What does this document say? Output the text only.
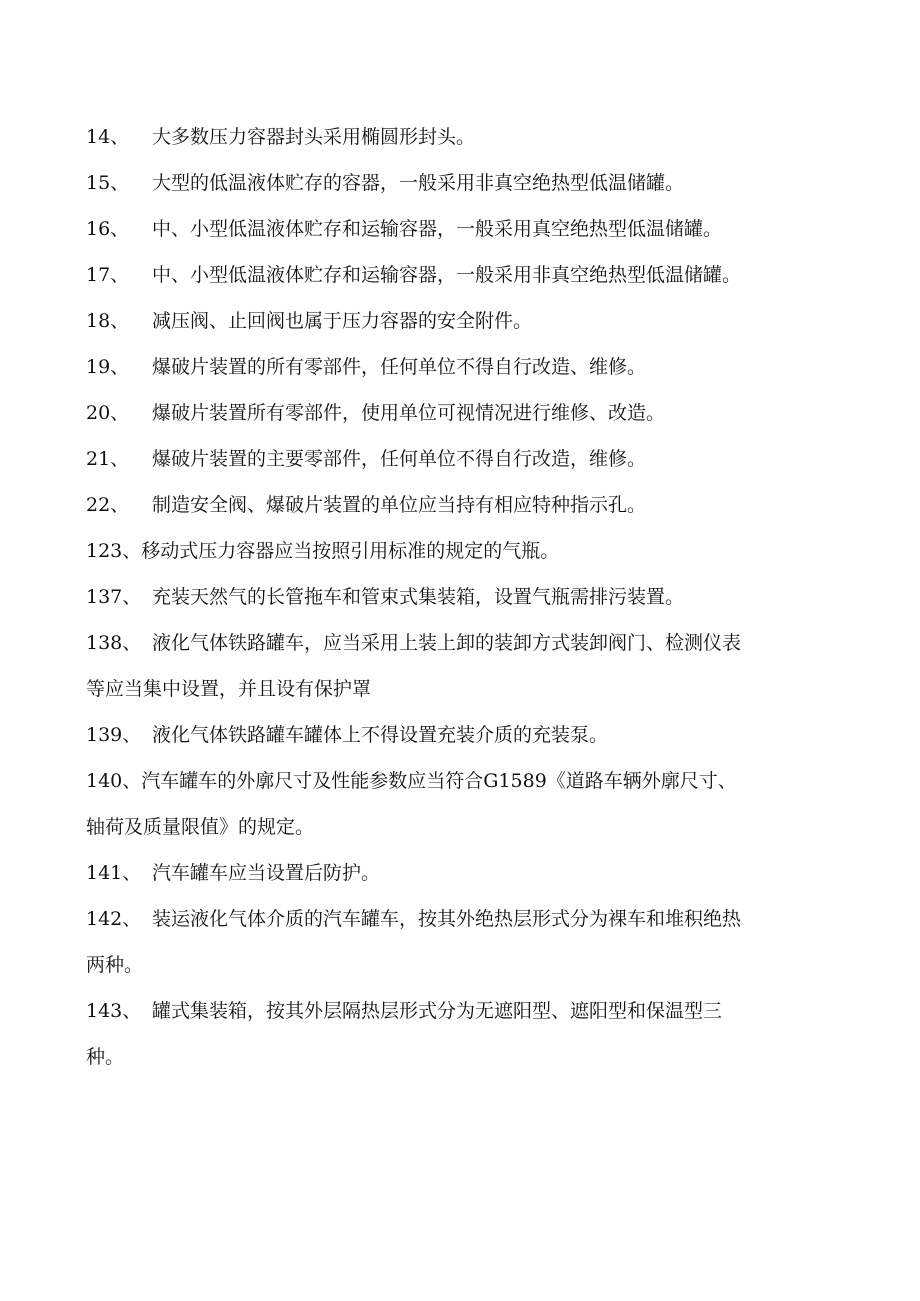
14、 大多数压力容器封头采用椭圆形封头。
15、 大型的低温液体贮存的容器，一般采用非真空绝热型低温储罐。
16、 中、小型低温液体贮存和运输容器，一般采用真空绝热型低温储罐。
17、 中、小型低温液体贮存和运输容器，一般采用非真空绝热型低温储罐。
18、 减压阀、止回阀也属于压力容器的安全附件。
19、 爆破片装置的所有零部件，任何单位不得自行改造、维修。
20、 爆破片装置所有零部件，使用单位可视情况进行维修、改造。
21、 爆破片装置的主要零部件，任何单位不得自行改造，维修。
22、 制造安全阀、爆破片装置的单位应当持有相应特种指示孔。
123、移动式压力容器应当按照引用标准的规定的气瓶。
137、 充装天然气的长管拖车和管束式集装箱，设置气瓶需排污装置。
138、 液化气体铁路罐车，应当采用上装上卸的装卸方式装卸阀门、检测仪表
等应当集中设置，并且设有保护罩
139、 液化气体铁路罐车罐体上不得设置充装介质的充装泵。
140、汽车罐车的外廓尺寸及性能参数应当符合G1589《道路车辆外廓尺寸、
轴荷及质量限值》的规定。
141、 汽车罐车应当设置后防护。
142、 装运液化气体介质的汽车罐车，按其外绝热层形式分为裸车和堆积绝热
两种。
143、 罐式集装箱，按其外层隔热层形式分为无遮阳型、遮阳型和保温型三
种。
